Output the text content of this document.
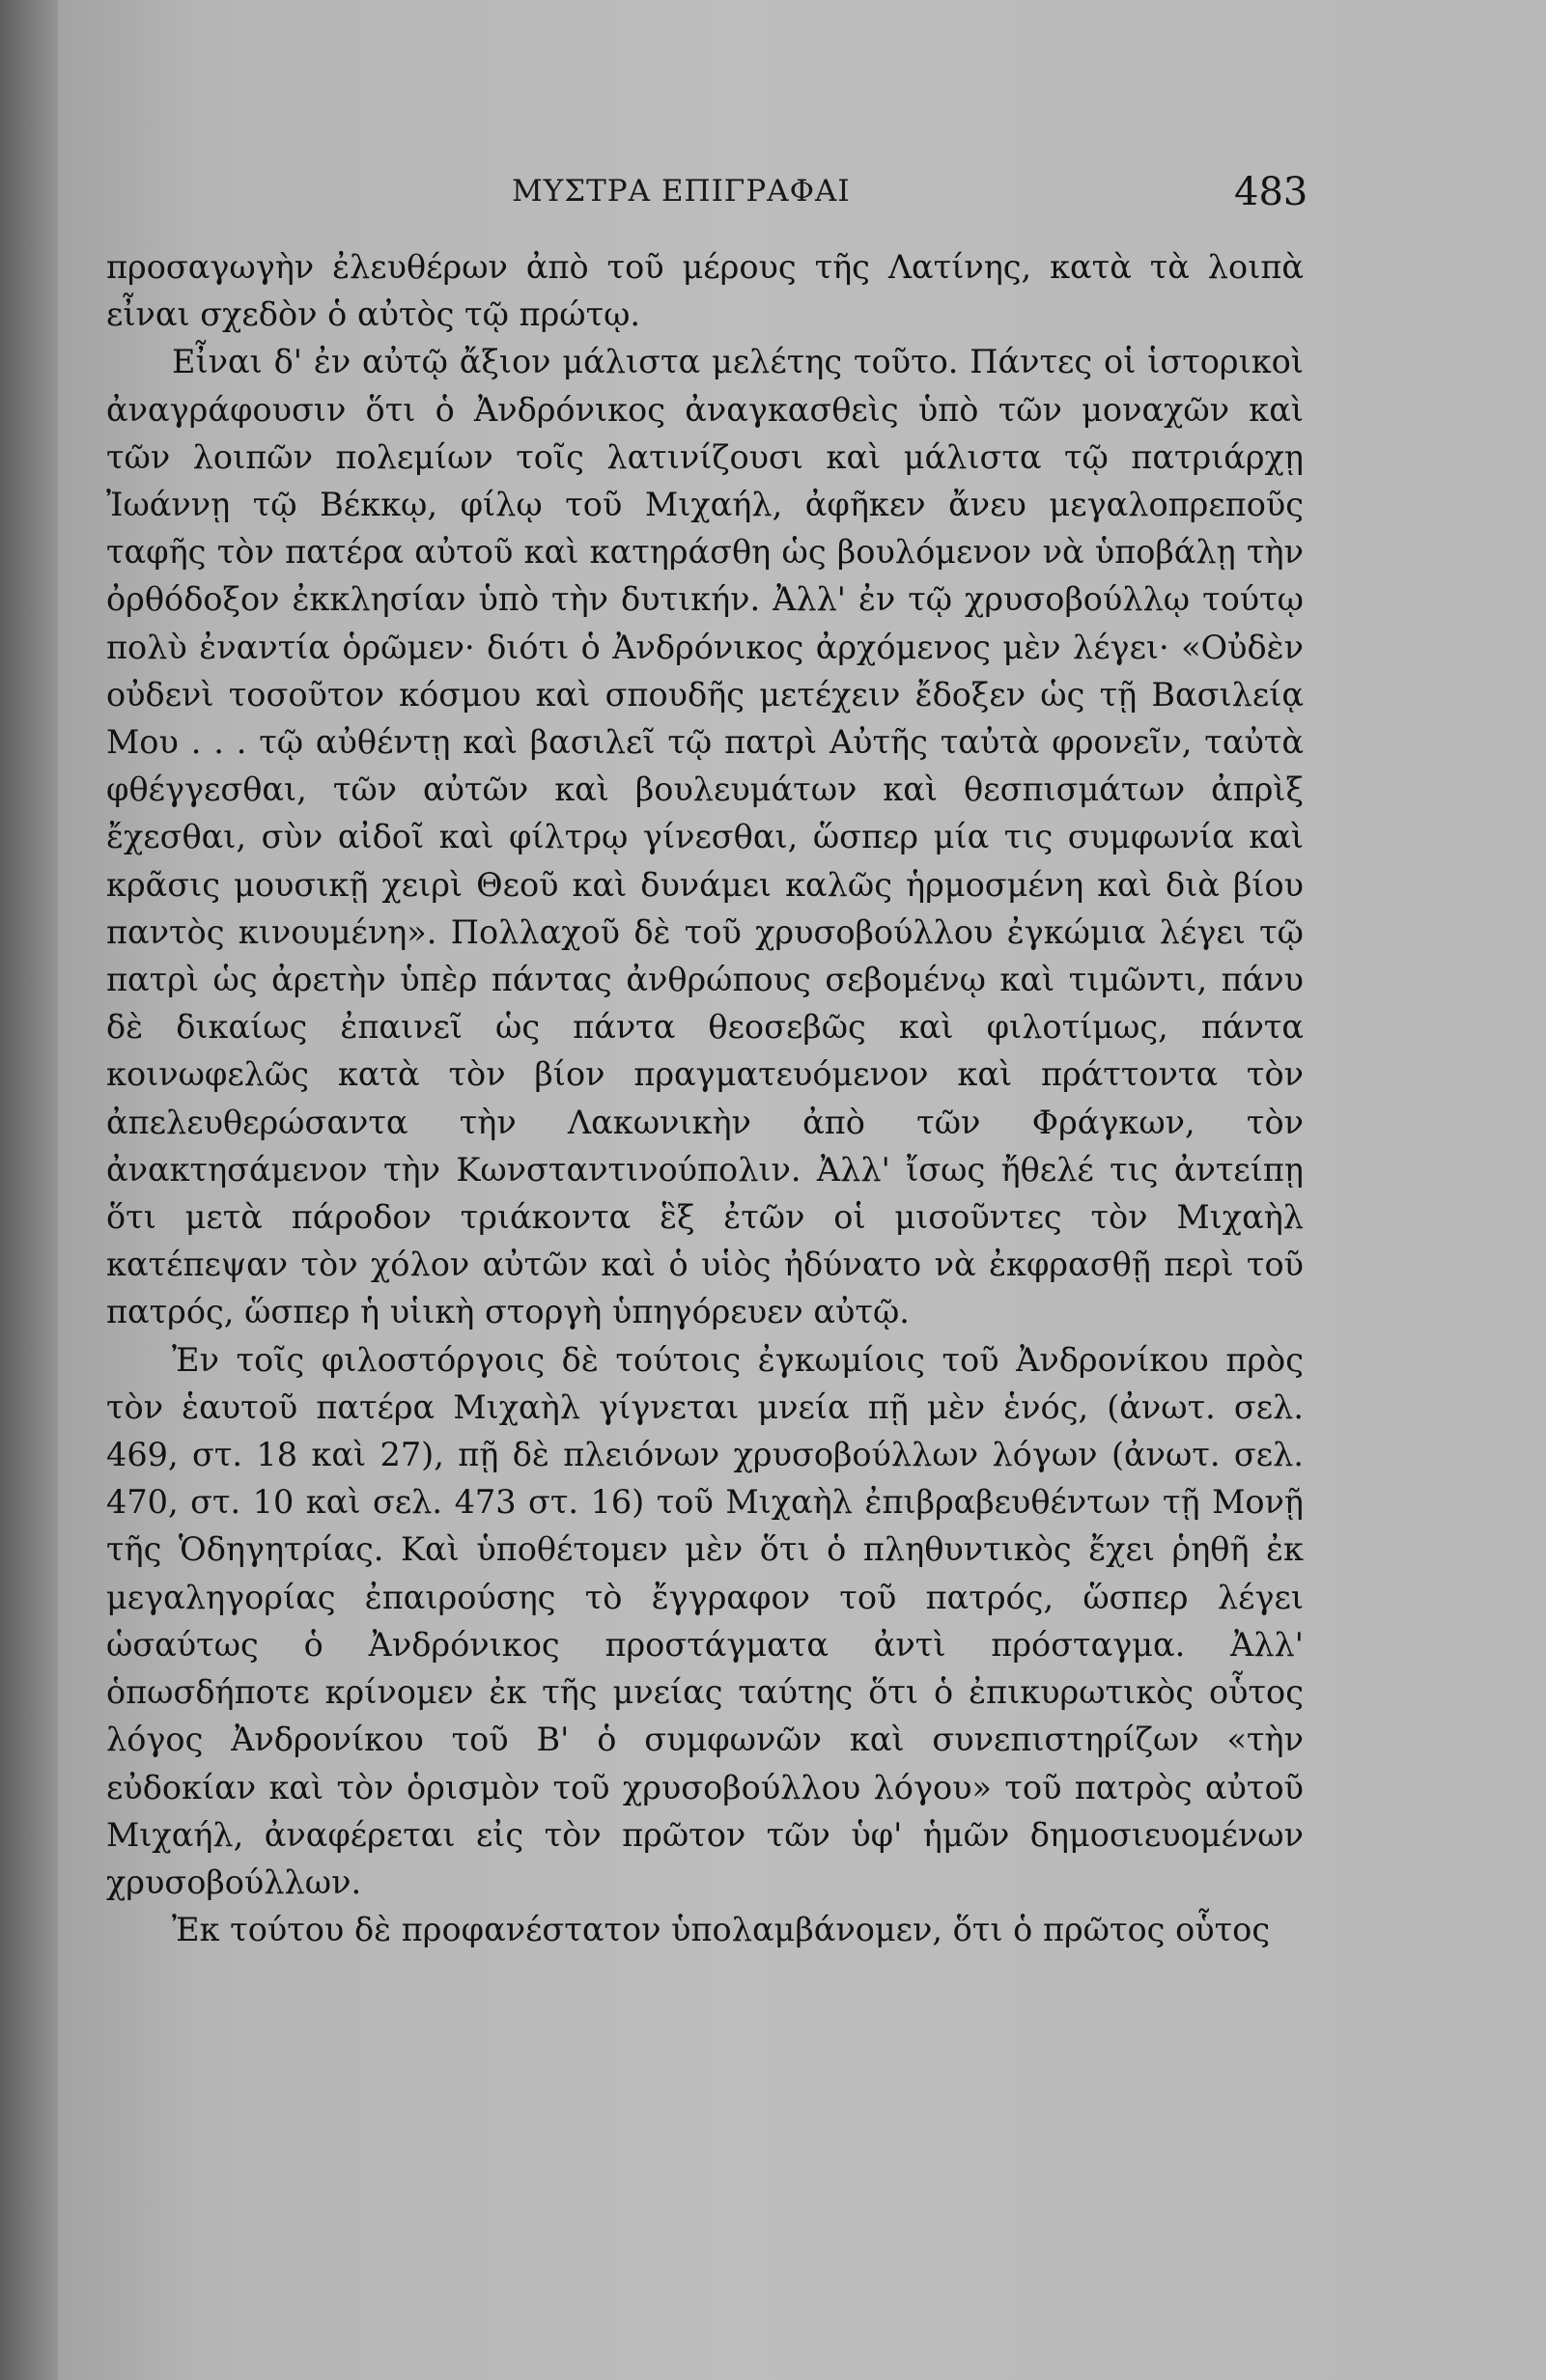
ΜΥΣΤΡΑ ΕΠΙΓΡΑΦΑΙ	483

προσαγωγὴν ἐλευθέρων ἀπὸ τοῦ μέρους τῆς Λατίνης, κατὰ τὰ λοιπὰ εἶναι σχεδὸν ὁ αὐτὸς τῷ πρώτῳ.

Εἶναι δ' ἐν αὐτῷ ἄξιον μάλιστα μελέτης τοῦτο. Πάντες οἱ ἱστορικοὶ ἀναγράφουσιν ὅτι ὁ Ἀνδρόνικος ἀναγκασθεὶς ὑπὸ τῶν μοναχῶν καὶ τῶν λοιπῶν πολεμίων τοῖς λατινίζουσι καὶ μάλιστα τῷ πατριάρχῃ Ἰωάννῃ τῷ Βέκκῳ, φίλῳ τοῦ Μιχαήλ, ἀφῆκεν ἄνευ μεγαλοπρεποῦς ταφῆς τὸν πατέρα αὐτοῦ καὶ κατηράσθη ὡς βουλόμενον νὰ ὑποβάλῃ τὴν ὀρθόδοξον ἐκκλησίαν ὑπὸ τὴν δυτικήν. Ἀλλ' ἐν τῷ χρυσοβούλλῳ τούτῳ πολὺ ἐναντία ὁρῶμεν· διότι ὁ Ἀνδρόνικος ἀρχόμενος μὲν λέγει· «Οὐδὲν οὐδενὶ τοσοῦτον κόσμου καὶ σπουδῆς μετέχειν ἔδοξεν ὡς τῇ Βασιλείᾳ Μου . . . τῷ αὐθέντῃ καὶ βασιλεῖ τῷ πατρὶ Αὐτῆς ταὐτὰ φρονεῖν, ταὐτὰ φθέγγεσθαι, τῶν αὐτῶν καὶ βουλευμάτων καὶ θεσπισμάτων ἀπρὶξ ἔχεσθαι, σὺν αἰδοῖ καὶ φίλτρῳ γίνεσθαι, ὥσπερ μία τις συμφωνία καὶ κρᾶσις μουσικῇ χειρὶ Θεοῦ καὶ δυνάμει καλῶς ἡρμοσμένη καὶ διὰ βίου παντὸς κινουμένη». Πολλαχοῦ δὲ τοῦ χρυσοβούλλου ἐγκώμια λέγει τῷ πατρὶ ὡς ἀρετὴν ὑπὲρ πάντας ἀνθρώπους σεβομένῳ καὶ τιμῶντι, πάνυ δὲ δικαίως ἐπαινεῖ ὡς πάντα θεοσεβῶς καὶ φιλοτίμως, πάντα κοινωφελῶς κατὰ τὸν βίον πραγματευόμενον καὶ πράττοντα τὸν ἀπελευθερώσαντα τὴν Λακωνικὴν ἀπὸ τῶν Φράγκων, τὸν ἀνακτησάμενον τὴν Κωνσταντινούπολιν. Ἀλλ' ἴσως ἤθελέ τις ἀντείπῃ ὅτι μετὰ πάροδον τριάκοντα ἓξ ἐτῶν οἱ μισοῦντες τὸν Μιχαὴλ κατέπεψαν τὸν χόλον αὐτῶν καὶ ὁ υἱὸς ἠδύνατο νὰ ἐκφρασθῇ περὶ τοῦ πατρός, ὥσπερ ἡ υἱικὴ στοργὴ ὑπηγόρευεν αὐτῷ.

Ἐν τοῖς φιλοστόργοις δὲ τούτοις ἐγκωμίοις τοῦ Ἀνδρονίκου πρὸς τὸν ἑαυτοῦ πατέρα Μιχαὴλ γίγνεται μνεία πῇ μὲν ἑνός, (ἀνωτ. σελ. 469, στ. 18 καὶ 27), πῇ δὲ πλειόνων χρυσοβούλλων λόγων (ἀνωτ. σελ. 470, στ. 10 καὶ σελ. 473 στ. 16) τοῦ Μιχαὴλ ἐπιβραβευθέντων τῇ Μονῇ τῆς Ὁδηγητρίας. Καὶ ὑποθέτομεν μὲν ὅτι ὁ πληθυντικὸς ἔχει ῥηθῆ ἐκ μεγαληγορίας ἐπαιρούσης τὸ ἔγγραφον τοῦ πατρός, ὥσπερ λέγει ὡσαύτως ὁ Ἀνδρόνικος προστάγματα ἀντὶ πρόσταγμα. Ἀλλ' ὁπωσδήποτε κρίνομεν ἐκ τῆς μνείας ταύτης ὅτι ὁ ἐπικυρωτικὸς οὗτος λόγος Ἀνδρονίκου τοῦ Β' ὁ συμφωνῶν καὶ συνεπιστηρίζων «τὴν εὐδοκίαν καὶ τὸν ὁρισμὸν τοῦ χρυσοβούλλου λόγου» τοῦ πατρὸς αὐτοῦ Μιχαήλ, ἀναφέρεται εἰς τὸν πρῶτον τῶν ὑφ' ἡμῶν δημοσιευομένων χρυσοβούλλων.

Ἐκ τούτου δὲ προφανέστατον ὑπολαμβάνομεν, ὅτι ὁ πρῶτος οὗτος
